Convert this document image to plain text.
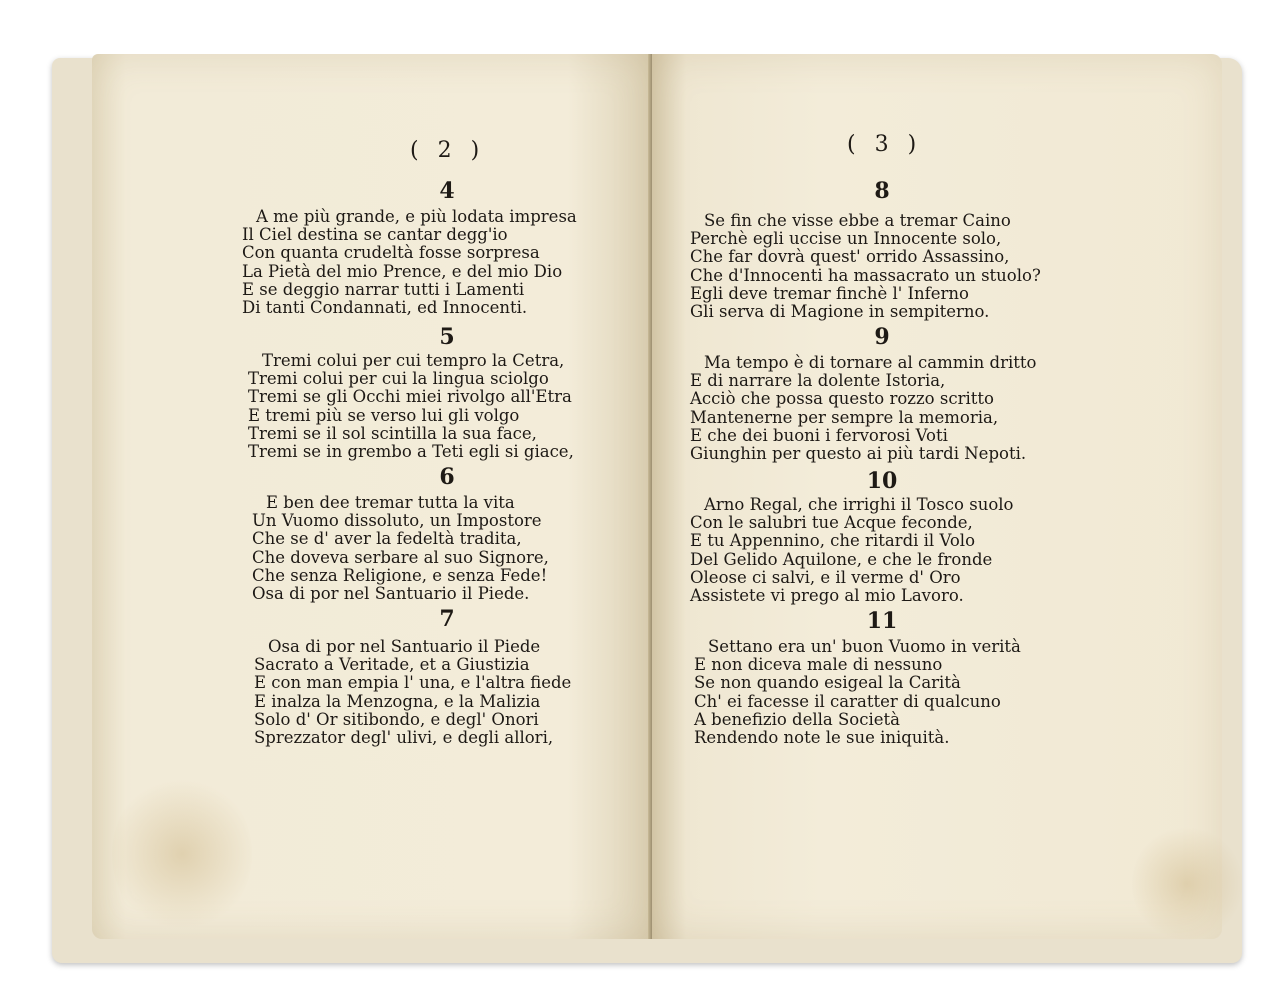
( 2 )
4
A me più grande, e più lodata impresa
Il Ciel destina se cantar degg'io
Con quanta crudeltà fosse sorpresa
La Pietà del mio Prence, e del mio Dio
E se deggio narrar tutti i Lamenti
Di tanti Condannati, ed Innocenti.
5
Tremi colui per cui tempro la Cetra,
Tremi colui per cui la lingua sciolgo
Tremi se gli Occhi miei rivolgo all'Etra
E tremi più se verso lui gli volgo
Tremi se il sol scintilla la sua face,
Tremi se in grembo a Teti egli si giace,
6
E ben dee tremar tutta la vita
Un Vuomo dissoluto, un Impostore
Che se d' aver la fedeltà tradita,
Che doveva serbare al suo Signore,
Che senza Religione, e senza Fede!
Osa di por nel Santuario il Piede.
7
Osa di por nel Santuario il Piede
Sacrato a Veritade, et a Giustizia
E con man empia l' una, e l'altra fiede
E inalza la Menzogna, e la Malizia
Solo d' Or sitibondo, e degl' Onori
Sprezzator degl' ulivi, e degli allori,
( 3 )
8
Se fin che visse ebbe a tremar Caino
Perchè egli uccise un Innocente solo,
Che far dovrà quest' orrido Assassino,
Che d'Innocenti ha massacrato un stuolo?
Egli deve tremar finchè l' Inferno
Gli serva di Magione in sempiterno.
9
Ma tempo è di tornare al cammin dritto
E di narrare la dolente Istoria,
Acciò che possa questo rozzo scritto
Mantenerne per sempre la memoria,
E che dei buoni i fervorosi Voti
Giunghin per questo ai più tardi Nepoti.
10
Arno Regal, che irrighi il Tosco suolo
Con le salubri tue Acque feconde,
E tu Appennino, che ritardi il Volo
Del Gelido Aquilone, e che le fronde
Oleose ci salvi, e il verme d' Oro
Assistete vi prego al mio Lavoro.
11
Settano era un' buon Vuomo in verità
E non diceva male di nessuno
Se non quando esigeal la Carità
Ch' ei facesse il caratter di qualcuno
A benefizio della Società
Rendendo note le sue iniquità.
